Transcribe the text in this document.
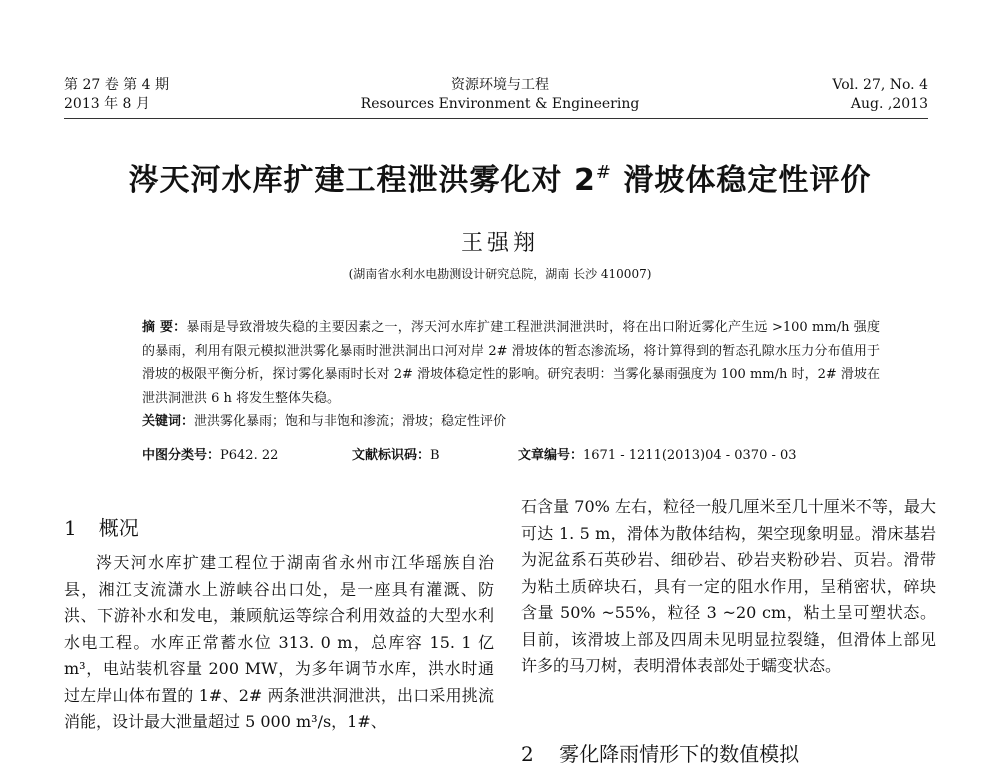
第 27 卷 第 4 期
2013 年 8 月
资源环境与工程
Resources Environment & Engineering
Vol. 27, No. 4
Aug. ,2013
涔天河水库扩建工程泄洪雾化对 2# 滑坡体稳定性评价
王强翔
(湖南省水利水电勘测设计研究总院，湖南 长沙 410007)

摘 要：暴雨是导致滑坡失稳的主要因素之一，涔天河水库扩建工程泄洪洞泄洪时，将在出口附近雾化产生远 >100 mm/h 强度的暴雨，利用有限元模拟泄洪雾化暴雨时泄洪洞出口河对岸 2# 滑坡体的暂态渗流场，将计算得到的暂态孔隙水压力分布值用于滑坡的极限平衡分析，探讨雾化暴雨时长对 2# 滑坡体稳定性的影响。研究表明：当雾化暴雨强度为 100 mm/h 时，2# 滑坡在泄洪洞泄洪 6 h 将发生整体失稳。

关键词：泄洪雾化暴雨；饱和与非饱和渗流；滑坡；稳定性评价

中图分类号：P642. 22	文献标识码：B	文章编号：1671 - 1211(2013)04 - 0370 - 03
1 概况

涔天河水库扩建工程位于湖南省永州市江华瑶族自治县，湘江支流潇水上游峡谷出口处，是一座具有灌溉、防洪、下游补水和发电，兼顾航运等综合利用效益的大型水利水电工程。水库正常蓄水位 313. 0 m，总库容 15. 1 亿 m³，电站装机容量 200 MW，为多年调节水库，洪水时通过左岸山体布置的 1#、2# 两条泄洪洞泄洪，出口采用挑流消能，设计最大泄量超过 5 000 m³/s，1#、

石含量 70% 左右，粒径一般几厘米至几十厘米不等，最大可达 1. 5 m，滑体为散体结构，架空现象明显。滑床基岩为泥盆系石英砂岩、细砂岩、砂岩夹粉砂岩、页岩。滑带为粘土质碎块石，具有一定的阻水作用，呈稍密状，碎块含量 50% ~55%，粒径 3 ~20 cm，粘土呈可塑状态。目前，该滑坡上部及四周未见明显拉裂缝，但滑体上部见许多的马刀树，表明滑体表部处于蠕变状态。

2 雾化降雨情形下的数值模拟
